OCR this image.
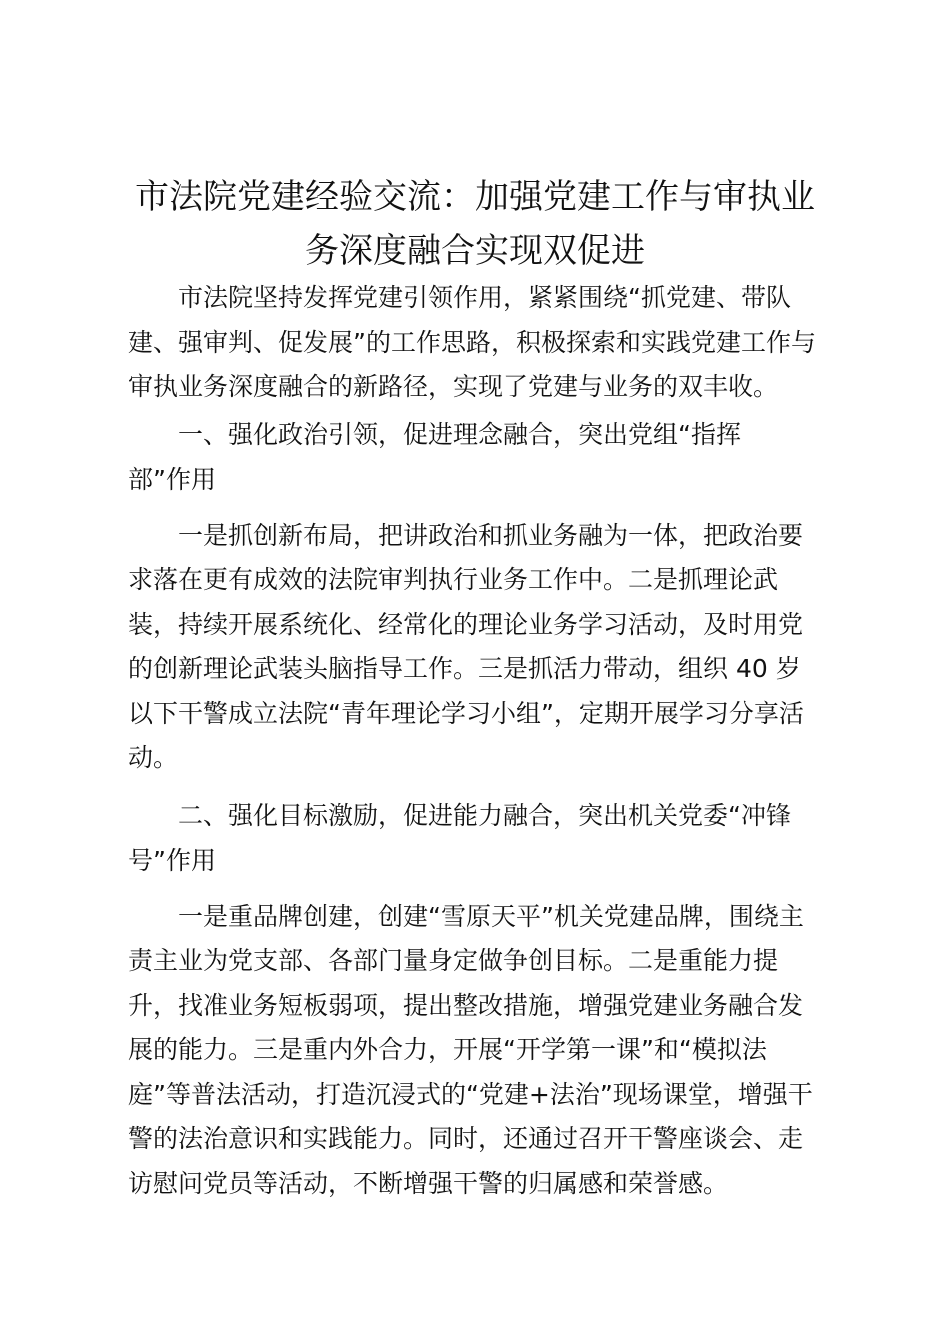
市法院党建经验交流：加强党建工作与审执业
务深度融合实现双促进

市法院坚持发挥党建引领作用，紧紧围绕“抓党建、带队

建、强审判、促发展”的工作思路，积极探索和实践党建工作与

审执业务深度融合的新路径，实现了党建与业务的双丰收。

一、强化政治引领，促进理念融合，突出党组“指挥

部”作用

一是抓创新布局，把讲政治和抓业务融为一体，把政治要

求落在更有成效的法院审判执行业务工作中。二是抓理论武

装，持续开展系统化、经常化的理论业务学习活动，及时用党

的创新理论武装头脑指导工作。三是抓活力带动，组织 40 岁

以下干警成立法院“青年理论学习小组”，定期开展学习分享活

动。

二、强化目标激励，促进能力融合，突出机关党委“冲锋

号”作用

一是重品牌创建，创建“雪原天平”机关党建品牌，围绕主

责主业为党支部、各部门量身定做争创目标。二是重能力提

升，找准业务短板弱项，提出整改措施，增强党建业务融合发

展的能力。三是重内外合力，开展“开学第一课”和“模拟法

庭”等普法活动，打造沉浸式的“党建+法治”现场课堂，增强干

警的法治意识和实践能力。同时，还通过召开干警座谈会、走

访慰问党员等活动，不断增强干警的归属感和荣誉感。
